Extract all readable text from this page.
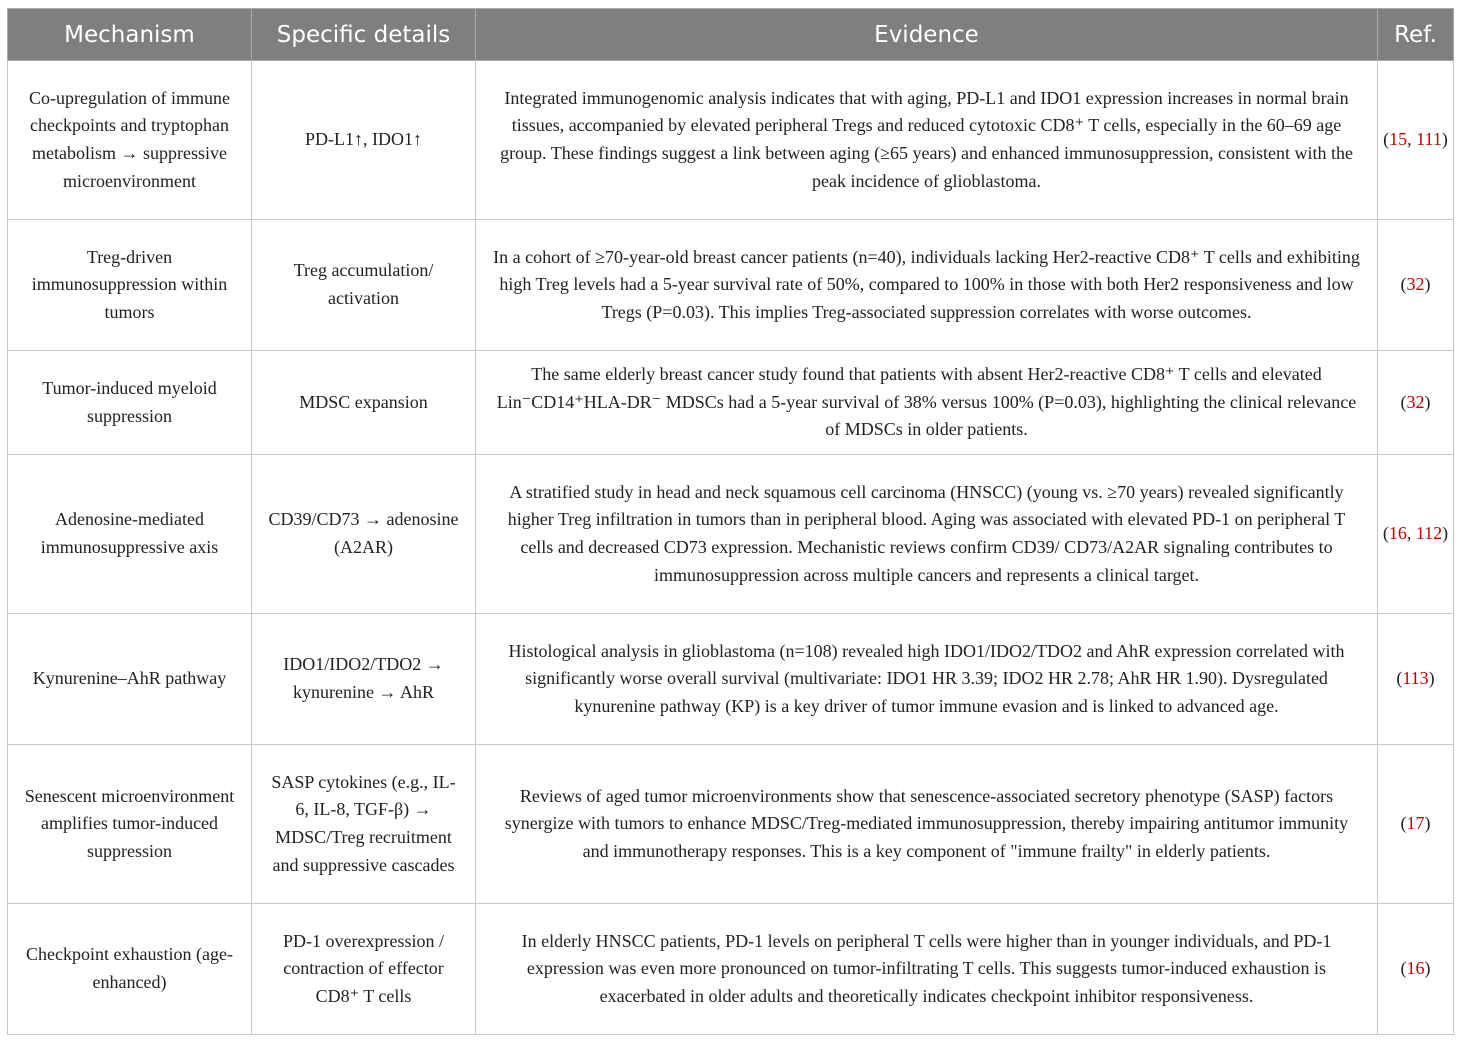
Mechanism	Specific details	Evidence	Ref.
Co-upregulation of immune checkpoints and tryptophan metabolism → suppressive microenvironment	PD-L1↑, IDO1↑	Integrated immunogenomic analysis indicates that with aging, PD-L1 and IDO1 expression increases in normal brain tissues, accompanied by elevated peripheral Tregs and reduced cytotoxic CD8⁺ T cells, especially in the 60–69 age group. These findings suggest a link between aging (≥65 years) and enhanced immunosuppression, consistent with the peak incidence of glioblastoma.	(15, 111)
Treg-driven immunosuppression within tumors	Treg accumulation/ activation	In a cohort of ≥70-year-old breast cancer patients (n=40), individuals lacking Her2-reactive CD8⁺ T cells and exhibiting high Treg levels had a 5-year survival rate of 50%, compared to 100% in those with both Her2 responsiveness and low Tregs (P=0.03). This implies Treg-associated suppression correlates with worse outcomes.	(32)
Tumor-induced myeloid suppression	MDSC expansion	The same elderly breast cancer study found that patients with absent Her2-reactive CD8⁺ T cells and elevated Lin⁻CD14⁺HLA-DR⁻ MDSCs had a 5-year survival of 38% versus 100% (P=0.03), highlighting the clinical relevance of MDSCs in older patients.	(32)
Adenosine-mediated immunosuppressive axis	CD39/CD73 → adenosine (A2AR)	A stratified study in head and neck squamous cell carcinoma (HNSCC) (young vs. ≥70 years) revealed significantly higher Treg infiltration in tumors than in peripheral blood. Aging was associated with elevated PD-1 on peripheral T cells and decreased CD73 expression. Mechanistic reviews confirm CD39/ CD73/A2AR signaling contributes to immunosuppression across multiple cancers and represents a clinical target.	(16, 112)
Kynurenine–AhR pathway	IDO1/IDO2/TDO2 → kynurenine → AhR	Histological analysis in glioblastoma (n=108) revealed high IDO1/IDO2/TDO2 and AhR expression correlated with significantly worse overall survival (multivariate: IDO1 HR 3.39; IDO2 HR 2.78; AhR HR 1.90). Dysregulated kynurenine pathway (KP) is a key driver of tumor immune evasion and is linked to advanced age.	(113)
Senescent microenvironment amplifies tumor-induced suppression	SASP cytokines (e.g., IL-6, IL-8, TGF-β) → MDSC/Treg recruitment and suppressive cascades	Reviews of aged tumor microenvironments show that senescence-associated secretory phenotype (SASP) factors synergize with tumors to enhance MDSC/Treg-mediated immunosuppression, thereby impairing antitumor immunity and immunotherapy responses. This is a key component of "immune frailty" in elderly patients.	(17)
Checkpoint exhaustion (age-enhanced)	PD-1 overexpression / contraction of effector CD8⁺ T cells	In elderly HNSCC patients, PD-1 levels on peripheral T cells were higher than in younger individuals, and PD-1 expression was even more pronounced on tumor-infiltrating T cells. This suggests tumor-induced exhaustion is exacerbated in older adults and theoretically indicates checkpoint inhibitor responsiveness.	(16)
